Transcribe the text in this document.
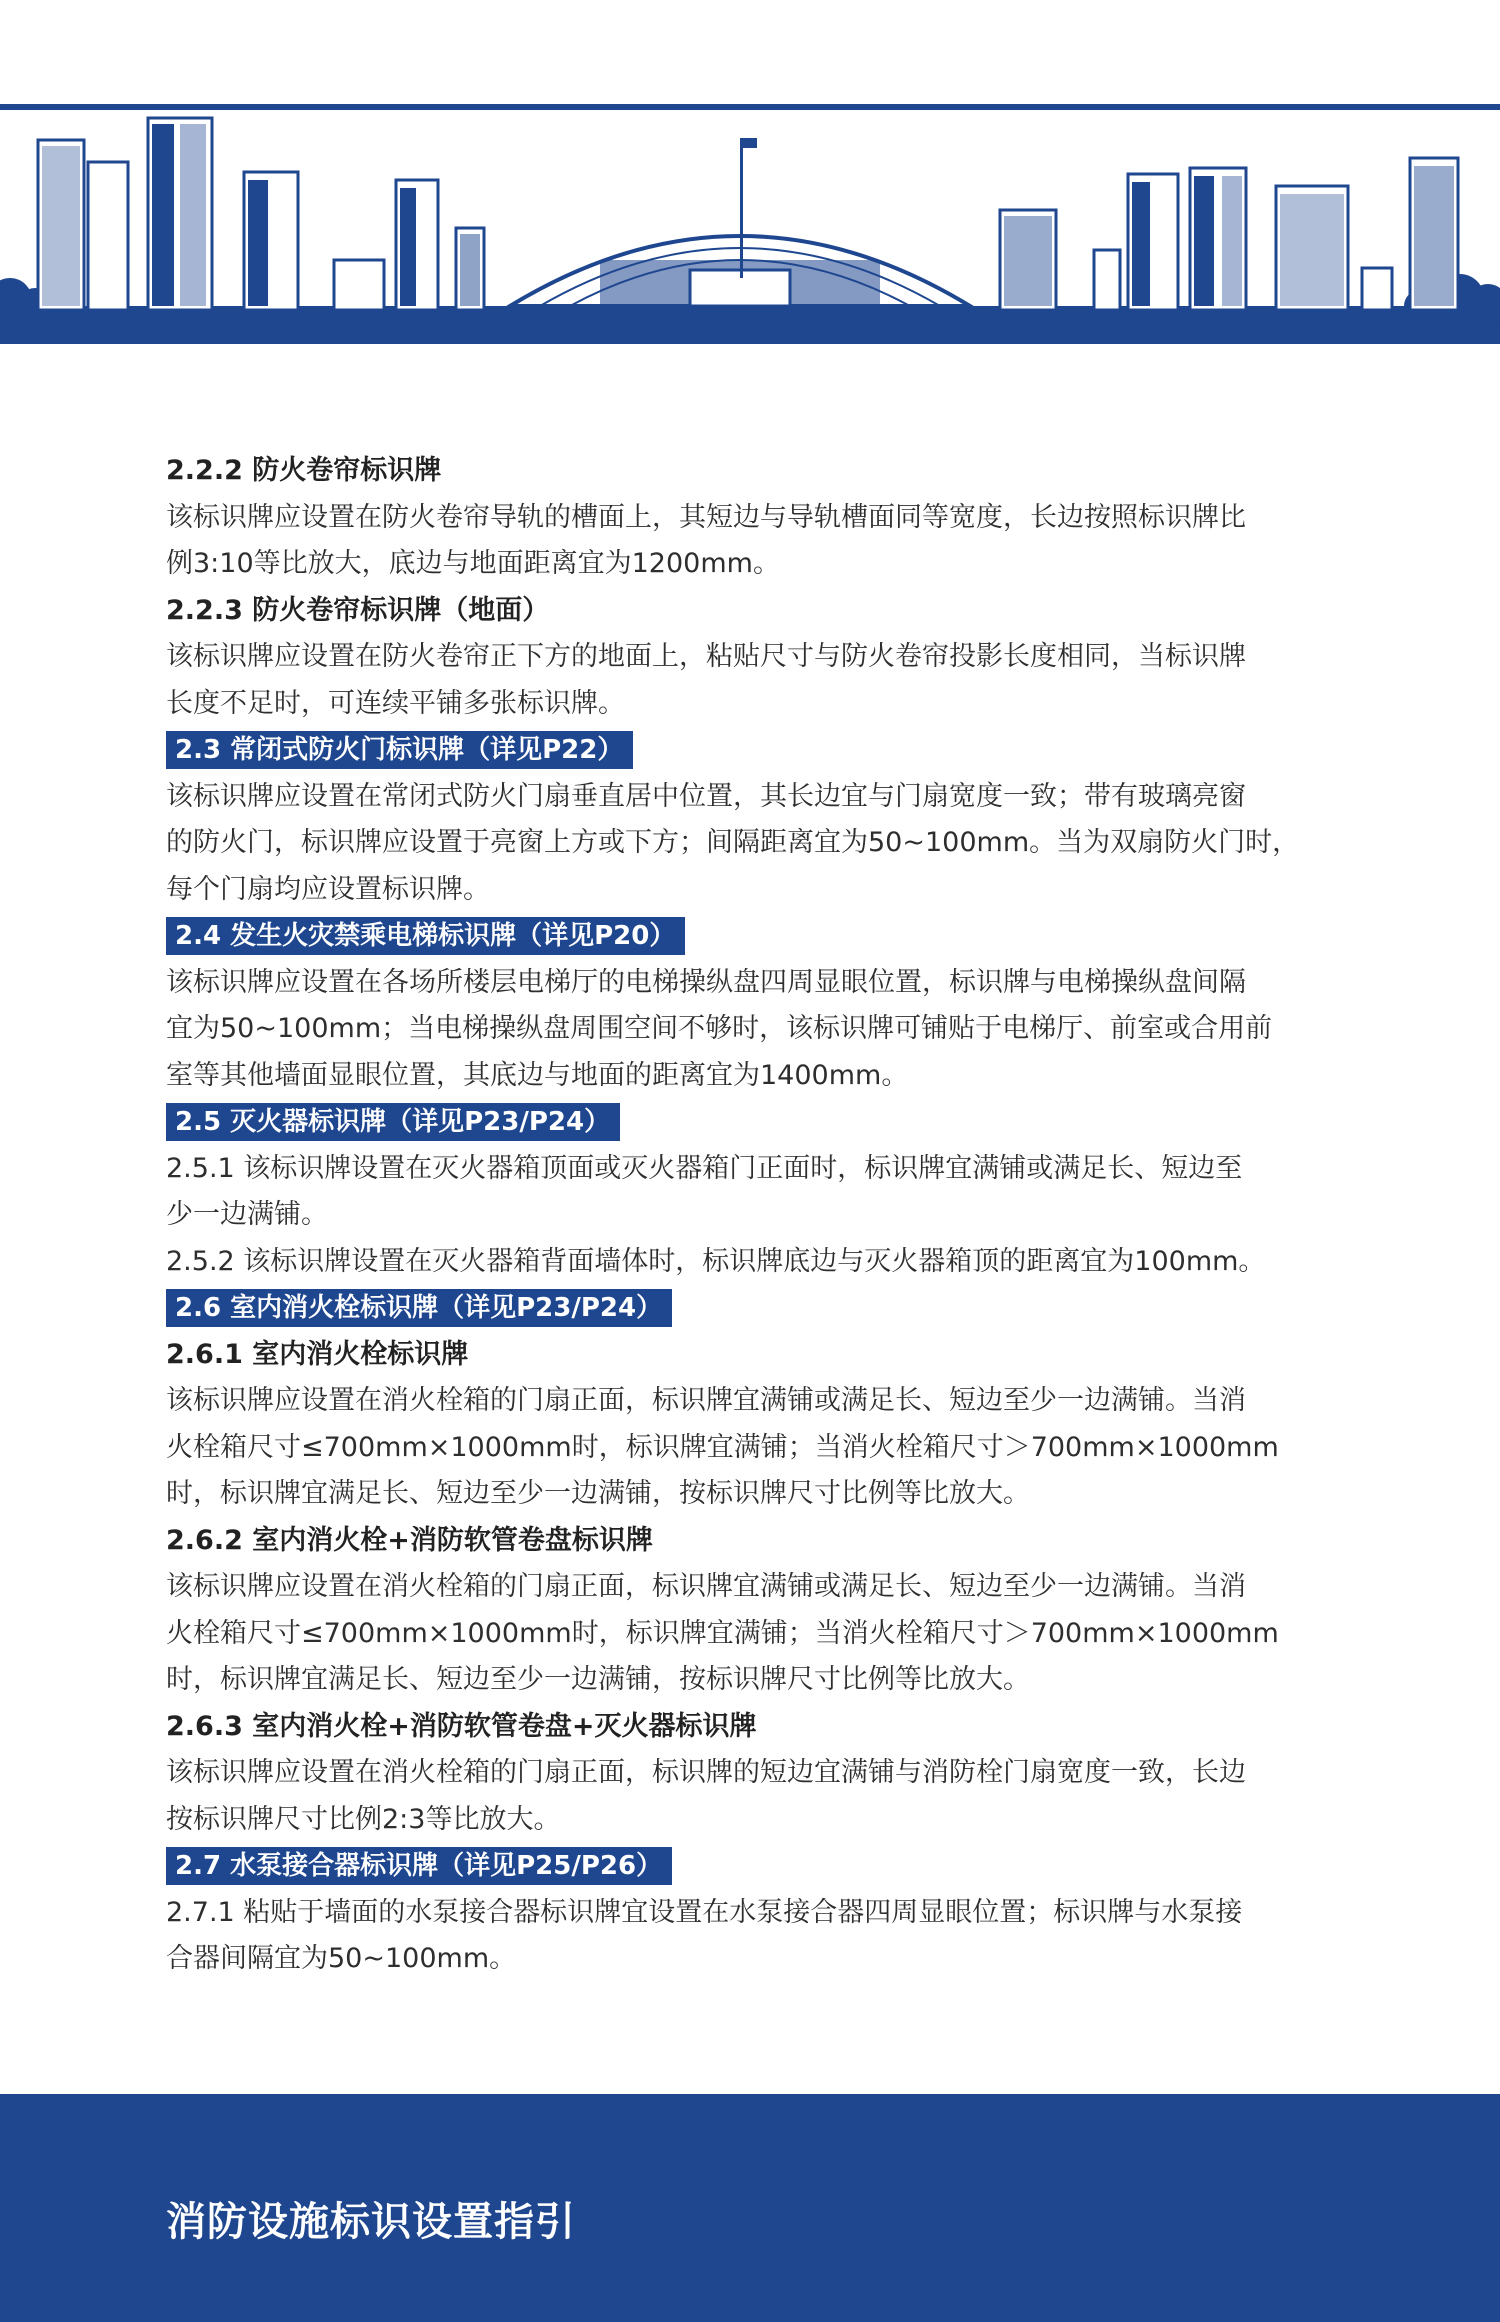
2.2.2 防火卷帘标识牌

该标识牌应设置在防火卷帘导轨的槽面上，其短边与导轨槽面同等宽度，长边按照标识牌比

例3:10等比放大，底边与地面距离宜为1200mm。

2.2.3 防火卷帘标识牌（地面）

该标识牌应设置在防火卷帘正下方的地面上，粘贴尺寸与防火卷帘投影长度相同，当标识牌

长度不足时，可连续平铺多张标识牌。

2.3 常闭式防火门标识牌（详见P22）

该标识牌应设置在常闭式防火门扇垂直居中位置，其长边宜与门扇宽度一致；带有玻璃亮窗

的防火门，标识牌应设置于亮窗上方或下方；间隔距离宜为50~100mm。当为双扇防火门时，

每个门扇均应设置标识牌。

2.4 发生火灾禁乘电梯标识牌（详见P20）

该标识牌应设置在各场所楼层电梯厅的电梯操纵盘四周显眼位置，标识牌与电梯操纵盘间隔

宜为50~100mm；当电梯操纵盘周围空间不够时，该标识牌可铺贴于电梯厅、前室或合用前

室等其他墙面显眼位置，其底边与地面的距离宜为1400mm。

2.5 灭火器标识牌（详见P23/P24）

2.5.1 该标识牌设置在灭火器箱顶面或灭火器箱门正面时，标识牌宜满铺或满足长、短边至

少一边满铺。

2.5.2 该标识牌设置在灭火器箱背面墙体时，标识牌底边与灭火器箱顶的距离宜为100mm。

2.6 室内消火栓标识牌（详见P23/P24）

2.6.1 室内消火栓标识牌

该标识牌应设置在消火栓箱的门扇正面，标识牌宜满铺或满足长、短边至少一边满铺。当消

火栓箱尺寸≤700mm×1000mm时，标识牌宜满铺；当消火栓箱尺寸＞700mm×1000mm

时，标识牌宜满足长、短边至少一边满铺，按标识牌尺寸比例等比放大。

2.6.2 室内消火栓+消防软管卷盘标识牌

该标识牌应设置在消火栓箱的门扇正面，标识牌宜满铺或满足长、短边至少一边满铺。当消

火栓箱尺寸≤700mm×1000mm时，标识牌宜满铺；当消火栓箱尺寸＞700mm×1000mm

时，标识牌宜满足长、短边至少一边满铺，按标识牌尺寸比例等比放大。

2.6.3 室内消火栓+消防软管卷盘+灭火器标识牌

该标识牌应设置在消火栓箱的门扇正面，标识牌的短边宜满铺与消防栓门扇宽度一致，长边

按标识牌尺寸比例2:3等比放大。

2.7 水泵接合器标识牌（详见P25/P26）

2.7.1 粘贴于墙面的水泵接合器标识牌宜设置在水泵接合器四周显眼位置；标识牌与水泵接

合器间隔宜为50~100mm。

消防设施标识设置指引
